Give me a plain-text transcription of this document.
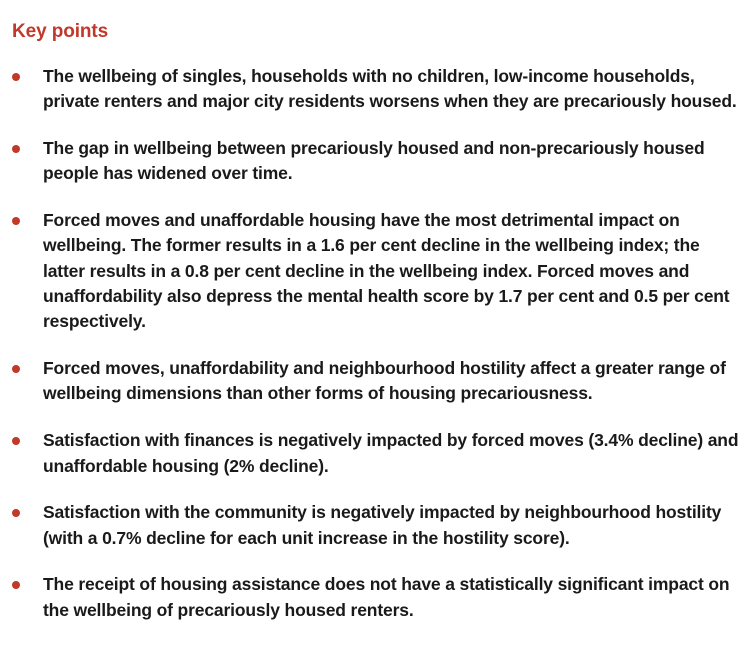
Key points
The wellbeing of singles, households with no children, low-income households, private renters and major city residents worsens when they are precariously housed.
The gap in wellbeing between precariously housed and non-precariously housed people has widened over time.
Forced moves and unaffordable housing have the most detrimental impact on wellbeing. The former results in a 1.6 per cent decline in the wellbeing index; the latter results in a 0.8 per cent decline in the wellbeing index. Forced moves and unaffordability also depress the mental health score by 1.7 per cent and 0.5 per cent respectively.
Forced moves, unaffordability and neighbourhood hostility affect a greater range of wellbeing dimensions than other forms of housing precariousness.
Satisfaction with finances is negatively impacted by forced moves (3.4% decline) and unaffordable housing (2% decline).
Satisfaction with the community is negatively impacted by neighbourhood hostility (with a 0.7% decline for each unit increase in the hostility score).
The receipt of housing assistance does not have a statistically significant impact on the wellbeing of precariously housed renters.
